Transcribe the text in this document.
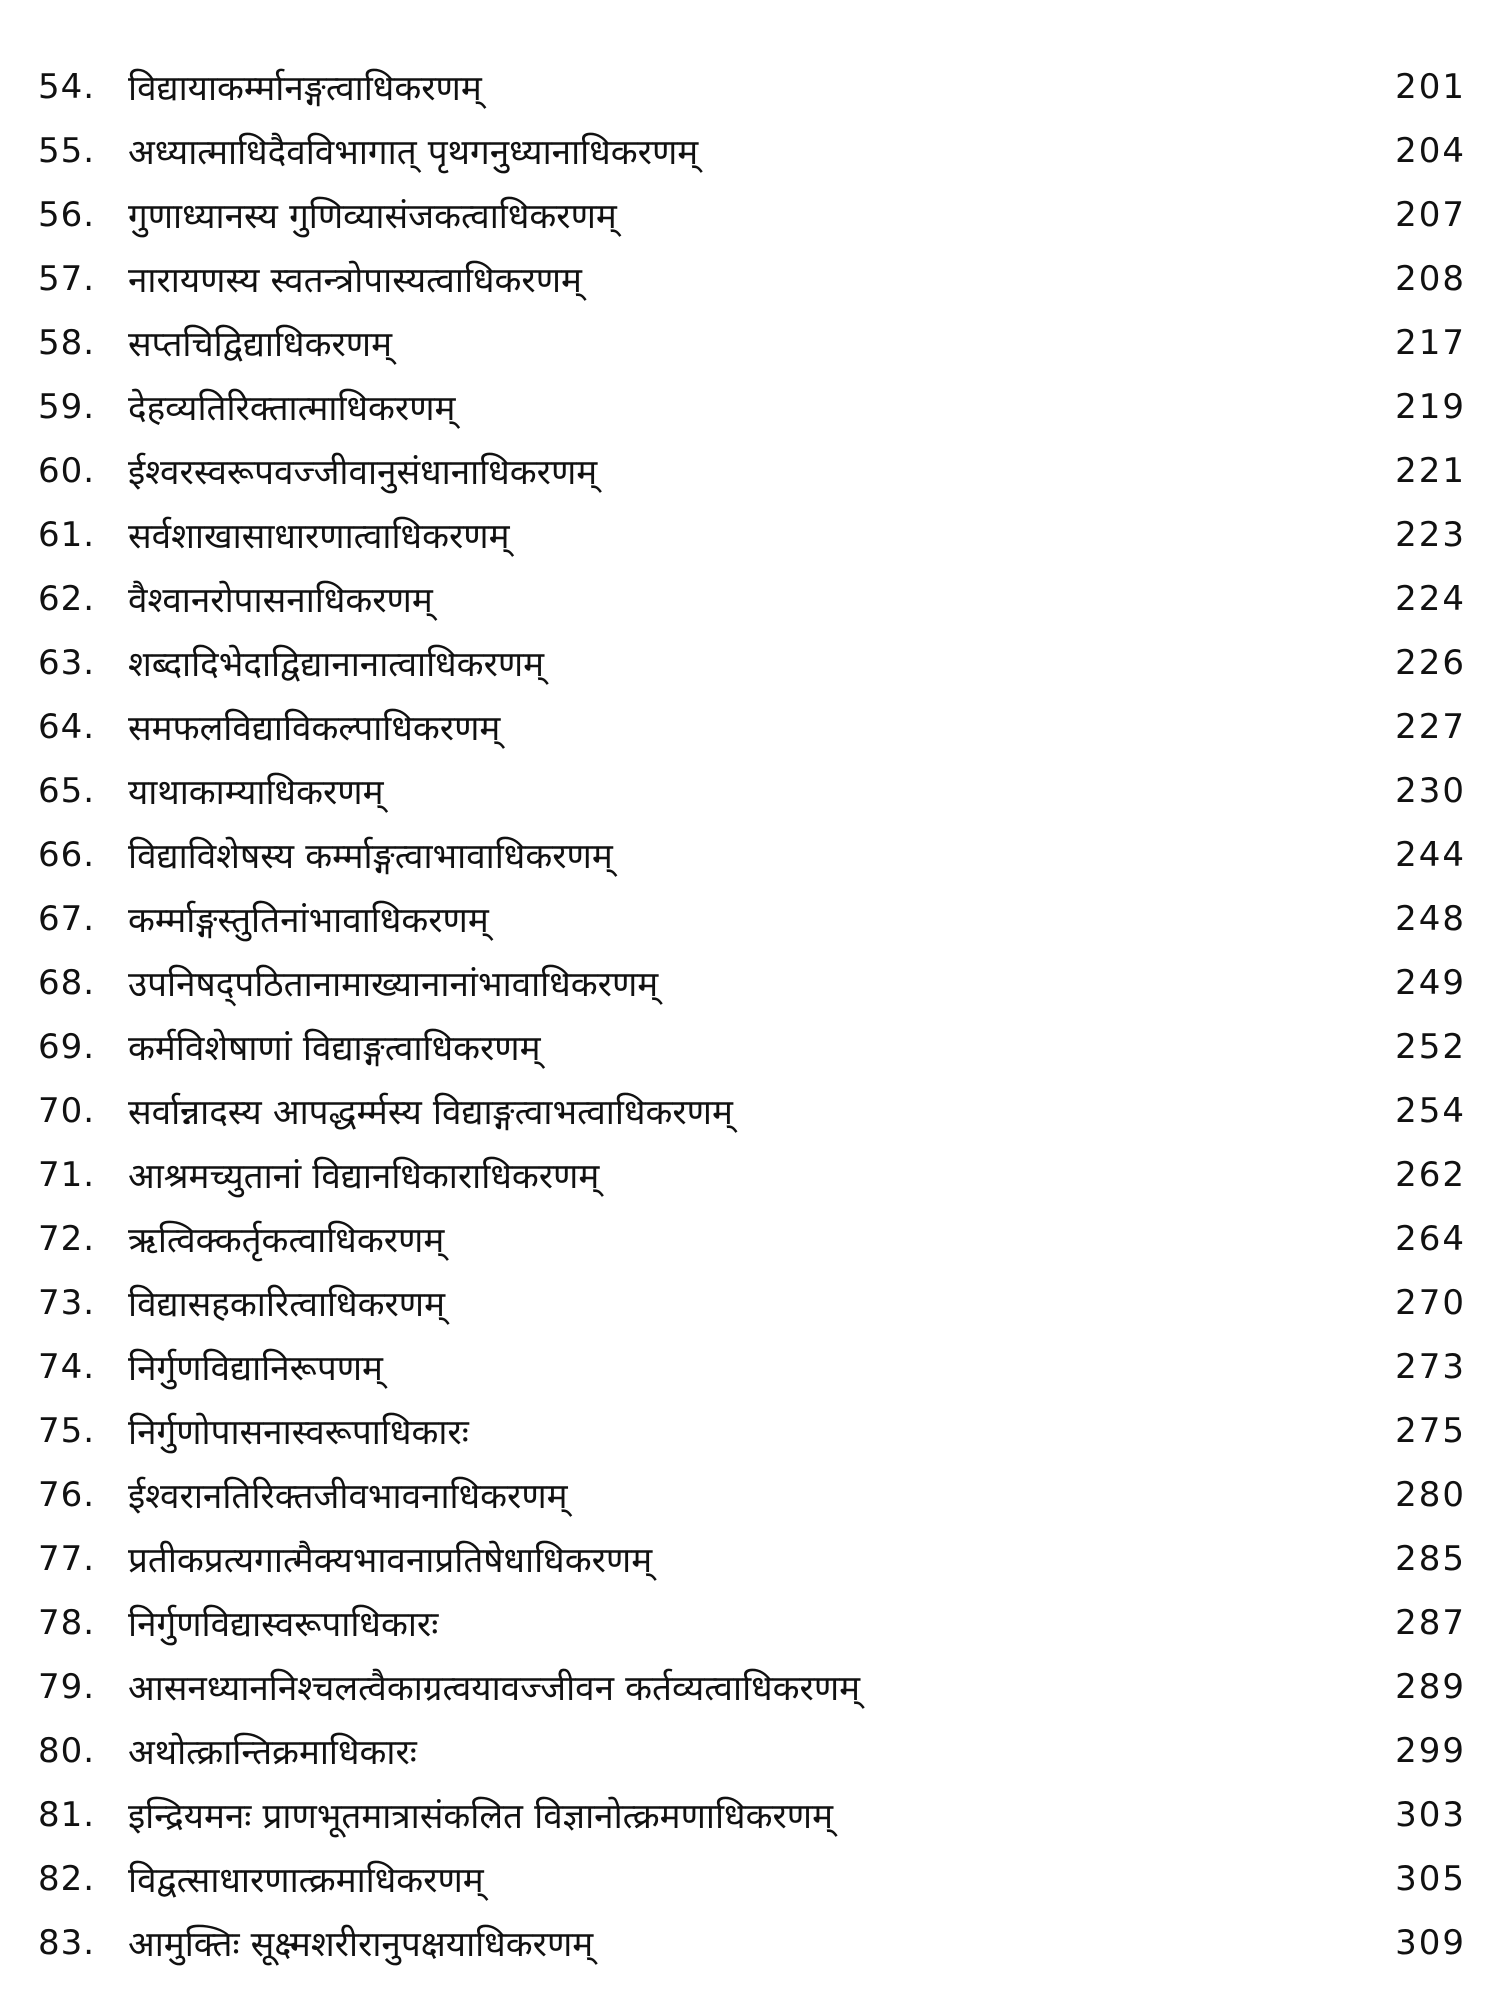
54. विद्यायाकर्म्मानङ्गत्वाधिकरणम्	201
55. अध्यात्माधिदैवविभागात् पृथगनुध्यानाधिकरणम्	204
56. गुणाध्यानस्य गुणिव्यासंजकत्वाधिकरणम्	207
57. नारायणस्य स्वतन्त्रोपास्यत्वाधिकरणम्	208
58. सप्तचिद्विद्याधिकरणम्	217
59. देहव्यतिरिक्तात्माधिकरणम्	219
60. ईश्वरस्वरूपवज्जीवानुसंधानाधिकरणम्	221
61. सर्वशाखासाधारणात्वाधिकरणम्	223
62. वैश्वानरोपासनाधिकरणम्	224
63. शब्दादिभेदाद्विद्यानानात्वाधिकरणम्	226
64. समफलविद्याविकल्पाधिकरणम्	227
65. याथाकाम्याधिकरणम्	230
66. विद्याविशेषस्य कर्म्माङ्गत्वाभावाधिकरणम्	244
67. कर्म्माङ्गस्तुतिनांभावाधिकरणम्	248
68. उपनिषद्पठितानामाख्यानानांभावाधिकरणम्	249
69. कर्मविशेषाणां विद्याङ्गत्वाधिकरणम्	252
70. सर्वान्नादस्य आपद्धर्म्मस्य विद्याङ्गत्वाभत्वाधिकरणम्	254
71. आश्रमच्युतानां विद्यानधिकाराधिकरणम्	262
72. ऋत्विक्कर्तृकत्वाधिकरणम्	264
73. विद्यासहकारित्वाधिकरणम्	270
74. निर्गुणविद्यानिरूपणम्	273
75. निर्गुणोपासनास्वरूपाधिकारः	275
76. ईश्वरानतिरिक्तजीवभावनाधिकरणम्	280
77. प्रतीकप्रत्यगात्मैक्यभावनाप्रतिषेधाधिकरणम्	285
78. निर्गुणविद्यास्वरूपाधिकारः	287
79. आसनध्याननिश्चलत्वैकाग्रत्वयावज्जीवन कर्तव्यत्वाधिकरणम्	289
80. अथोत्क्रान्तिक्रमाधिकारः	299
81. इन्द्रियमनः प्राणभूतमात्रासंकलित विज्ञानोत्क्रमणाधिकरणम्	303
82. विद्वत्साधारणात्क्रमाधिकरणम्	305
83. आमुक्तिः सूक्ष्मशरीरानुपक्षयाधिकरणम्	309
